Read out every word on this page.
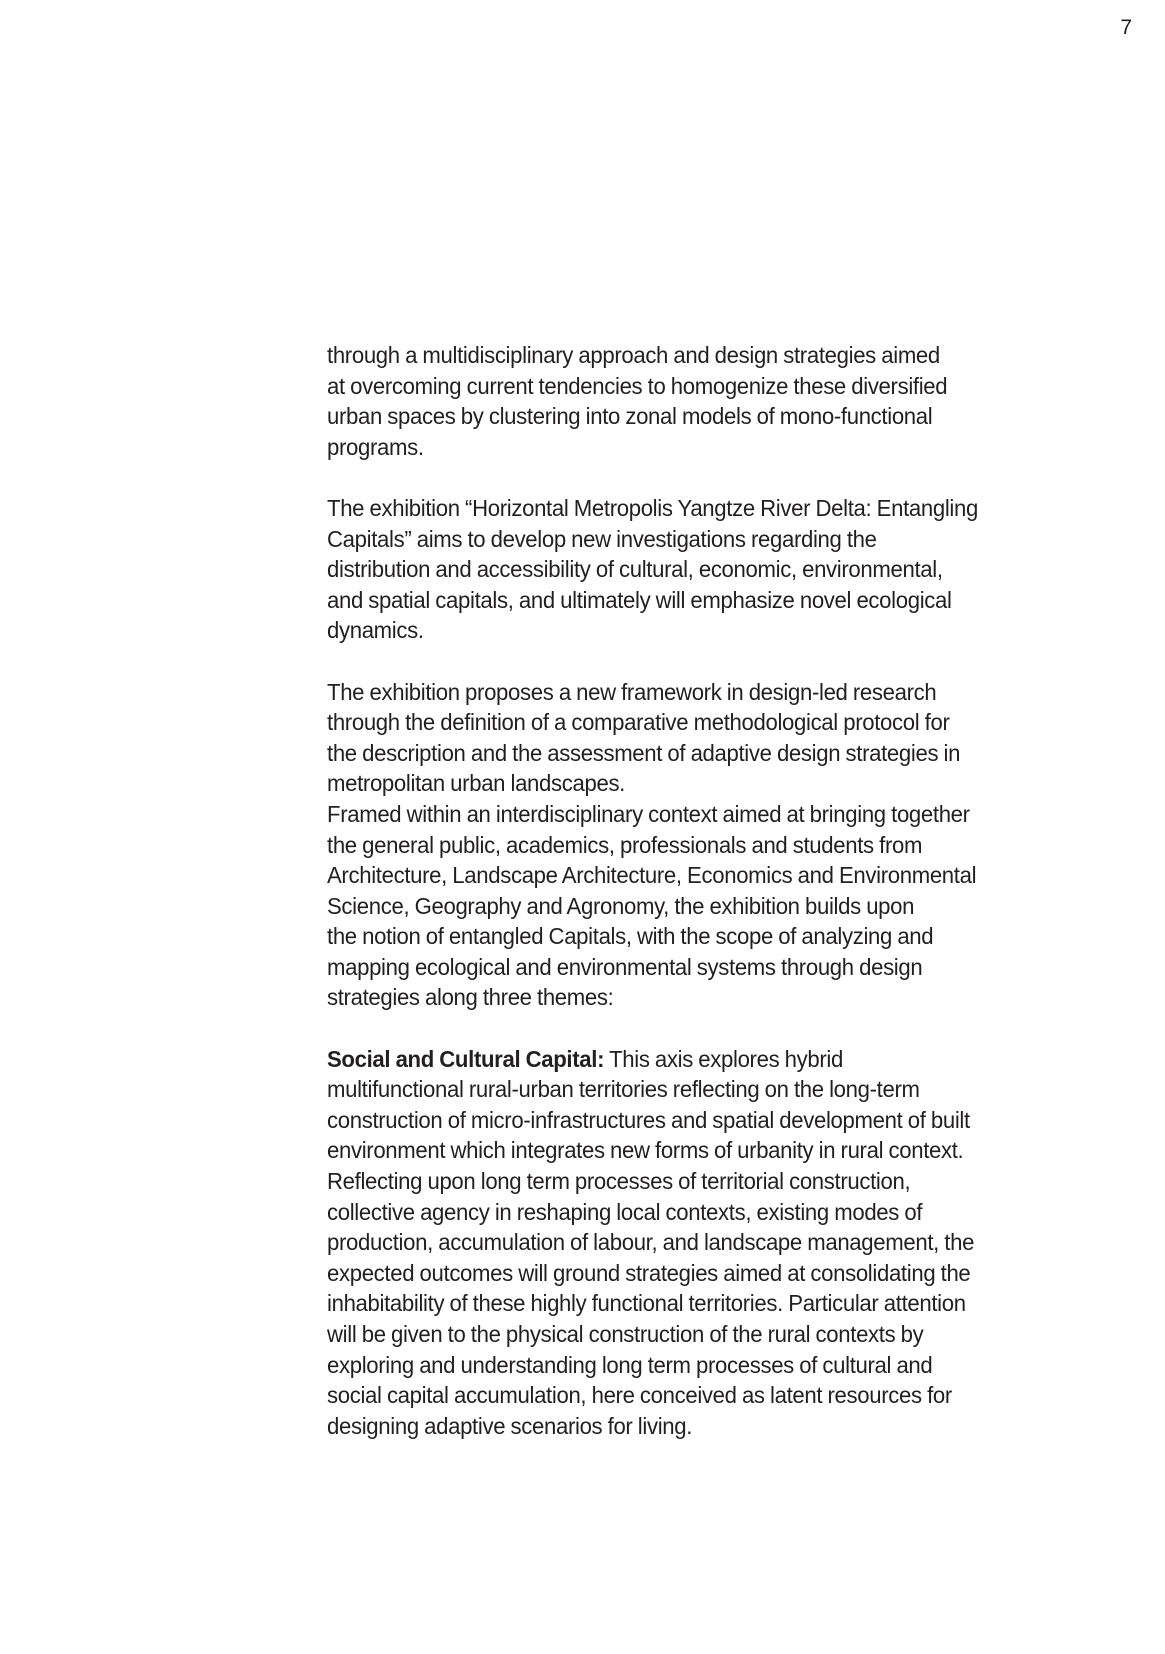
7

through a multidisciplinary approach and design strategies aimed
at overcoming current tendencies to homogenize these diversified
urban spaces by clustering into zonal models of mono-functional
programs.

The exhibition “Horizontal Metropolis Yangtze River Delta: Entangling
Capitals” aims to develop new investigations regarding the
distribution and accessibility of cultural, economic, environmental,
and spatial capitals, and ultimately will emphasize novel ecological
dynamics.

The exhibition proposes a new framework in design-led research
through the definition of a comparative methodological protocol for
the description and the assessment of adaptive design strategies in
metropolitan urban landscapes.

Framed within an interdisciplinary context aimed at bringing together
the general public, academics, professionals and students from
Architecture, Landscape Architecture, Economics and Environmental
Science, Geography and Agronomy, the exhibition builds upon
the notion of entangled Capitals, with the scope of analyzing and
mapping ecological and environmental systems through design
strategies along three themes:

Social and Cultural Capital: This axis explores hybrid
multifunctional rural-urban territories reflecting on the long-term
construction of micro-infrastructures and spatial development of built
environment which integrates new forms of urbanity in rural context.
Reflecting upon long term processes of territorial construction,
collective agency in reshaping local contexts, existing modes of
production, accumulation of labour, and landscape management, the
expected outcomes will ground strategies aimed at consolidating the
inhabitability of these highly functional territories. Particular attention
will be given to the physical construction of the rural contexts by
exploring and understanding long term processes of cultural and
social capital accumulation, here conceived as latent resources for
designing adaptive scenarios for living.
